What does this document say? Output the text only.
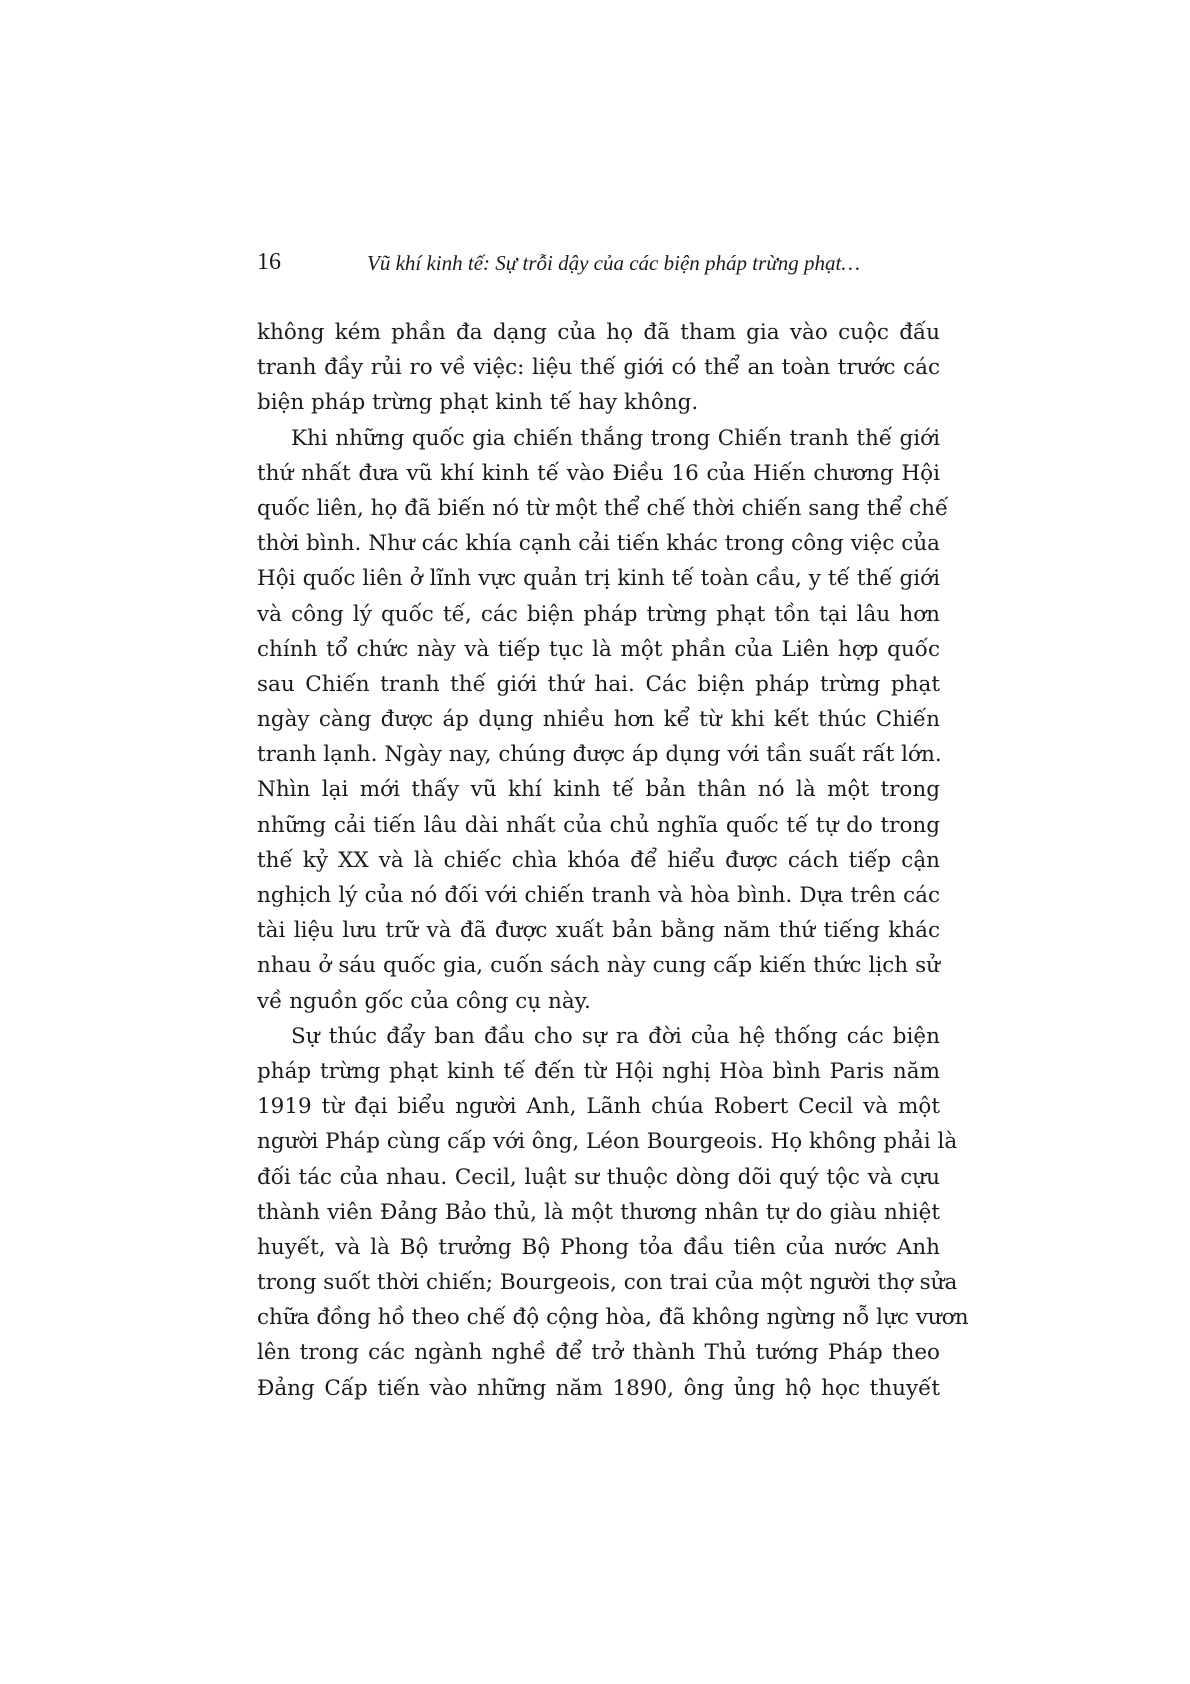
16	Vũ khí kinh tế: Sự trỗi dậy của các biện pháp trừng phạt…
không kém phần đa dạng của họ đã tham gia vào cuộc đấu
tranh đầy rủi ro về việc: liệu thế giới có thể an toàn trước các
biện pháp trừng phạt kinh tế hay không.
Khi những quốc gia chiến thắng trong Chiến tranh thế giới
thứ nhất đưa vũ khí kinh tế vào Điều 16 của Hiến chương Hội
quốc liên, họ đã biến nó từ một thể chế thời chiến sang thể chế
thời bình. Như các khía cạnh cải tiến khác trong công việc của
Hội quốc liên ở lĩnh vực quản trị kinh tế toàn cầu, y tế thế giới
và công lý quốc tế, các biện pháp trừng phạt tồn tại lâu hơn
chính tổ chức này và tiếp tục là một phần của Liên hợp quốc
sau Chiến tranh thế giới thứ hai. Các biện pháp trừng phạt
ngày càng được áp dụng nhiều hơn kể từ khi kết thúc Chiến
tranh lạnh. Ngày nay, chúng được áp dụng với tần suất rất lớn.
Nhìn lại mới thấy vũ khí kinh tế bản thân nó là một trong
những cải tiến lâu dài nhất của chủ nghĩa quốc tế tự do trong
thế kỷ XX và là chiếc chìa khóa để hiểu được cách tiếp cận
nghịch lý của nó đối với chiến tranh và hòa bình. Dựa trên các
tài liệu lưu trữ và đã được xuất bản bằng năm thứ tiếng khác
nhau ở sáu quốc gia, cuốn sách này cung cấp kiến thức lịch sử
về nguồn gốc của công cụ này.
Sự thúc đẩy ban đầu cho sự ra đời của hệ thống các biện
pháp trừng phạt kinh tế đến từ Hội nghị Hòa bình Paris năm
1919 từ đại biểu người Anh, Lãnh chúa Robert Cecil và một
người Pháp cùng cấp với ông, Léon Bourgeois. Họ không phải là
đối tác của nhau. Cecil, luật sư thuộc dòng dõi quý tộc và cựu
thành viên Đảng Bảo thủ, là một thương nhân tự do giàu nhiệt
huyết, và là Bộ trưởng Bộ Phong tỏa đầu tiên của nước Anh
trong suốt thời chiến; Bourgeois, con trai của một người thợ sửa
chữa đồng hồ theo chế độ cộng hòa, đã không ngừng nỗ lực vươn
lên trong các ngành nghề để trở thành Thủ tướng Pháp theo
Đảng Cấp tiến vào những năm 1890, ông ủng hộ học thuyết
